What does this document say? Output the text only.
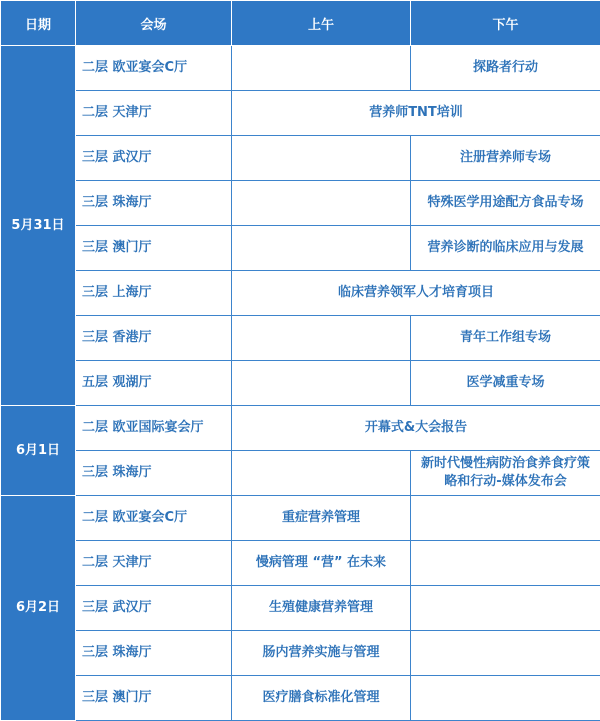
日期	会场	上午	下午
5月31日	二层 欧亚宴会C厅		探路者行动
	二层 天津厅	营养师TNT培训	
	三层 武汉厅		注册营养师专场
	三层 珠海厅		特殊医学用途配方食品专场
	三层 澳门厅		营养诊断的临床应用与发展
	三层 上海厅	临床营养领军人才培育项目	
	三层 香港厅		青年工作组专场
	五层 观湖厅		医学减重专场
6月1日	二层 欧亚国际宴会厅	开幕式&大会报告	
	三层 珠海厅		新时代慢性病防治食养食疗策略和行动-媒体发布会
6月2日	二层 欧亚宴会C厅	重症营养管理	
	二层 天津厅	慢病管理 “营” 在未来	
	三层 武汉厅	生殖健康营养管理	
	三层 珠海厅	肠内营养实施与管理	
	三层 澳门厅	医疗膳食标准化管理	
